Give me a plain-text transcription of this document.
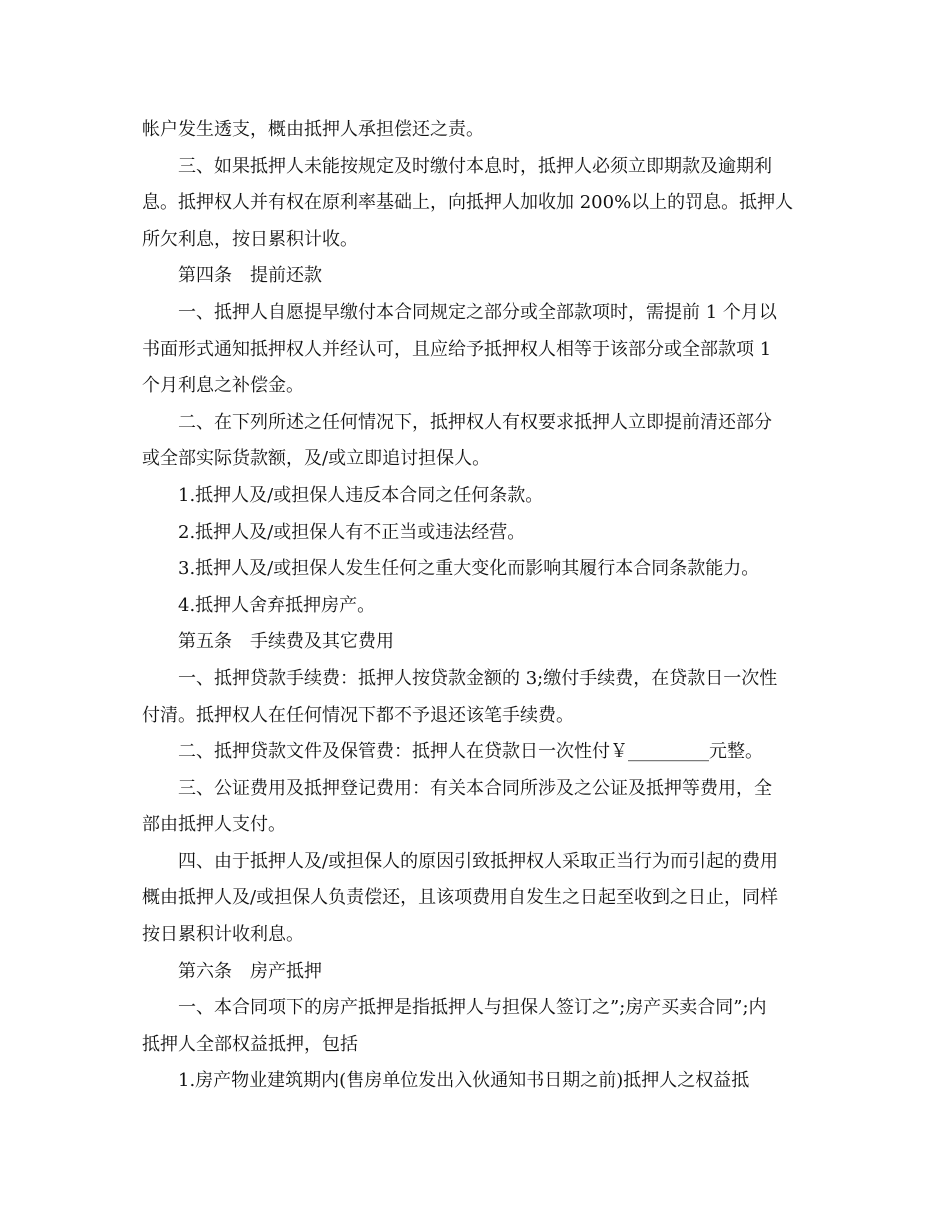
帐户发生透支，概由抵押人承担偿还之责。

三、如果抵押人未能按规定及时缴付本息时，抵押人必须立即期款及逾期利
息。抵押权人并有权在原利率基础上，向抵押人加收加 200%以上的罚息。抵押人
所欠利息，按日累积计收。

第四条　提前还款

一、抵押人自愿提早缴付本合同规定之部分或全部款项时，需提前 1 个月以
书面形式通知抵押权人并经认可，且应给予抵押权人相等于该部分或全部款项 1
个月利息之补偿金。

二、在下列所述之任何情况下，抵押权人有权要求抵押人立即提前清还部分
或全部实际货款额，及/或立即追讨担保人。

1.抵押人及/或担保人违反本合同之任何条款。

2.抵押人及/或担保人有不正当或违法经营。

3.抵押人及/或担保人发生任何之重大变化而影响其履行本合同条款能力。

4.抵押人舍弃抵押房产。

第五条　手续费及其它费用

一、抵押贷款手续费：抵押人按贷款金额的 3;缴付手续费，在贷款日一次性
付清。抵押权人在任何情况下都不予退还该笔手续费。

二、抵押贷款文件及保管费：抵押人在贷款日一次性付￥_________元整。

三、公证费用及抵押登记费用：有关本合同所涉及之公证及抵押等费用，全
部由抵押人支付。

四、由于抵押人及/或担保人的原因引致抵押权人采取正当行为而引起的费用
概由抵押人及/或担保人负责偿还，且该项费用自发生之日起至收到之日止，同样
按日累积计收利息。

第六条　房产抵押

一、本合同项下的房产抵押是指抵押人与担保人签订之”;房产买卖合同”;内
抵押人全部权益抵押，包括

1.房产物业建筑期内(售房单位发出入伙通知书日期之前)抵押人之权益抵
